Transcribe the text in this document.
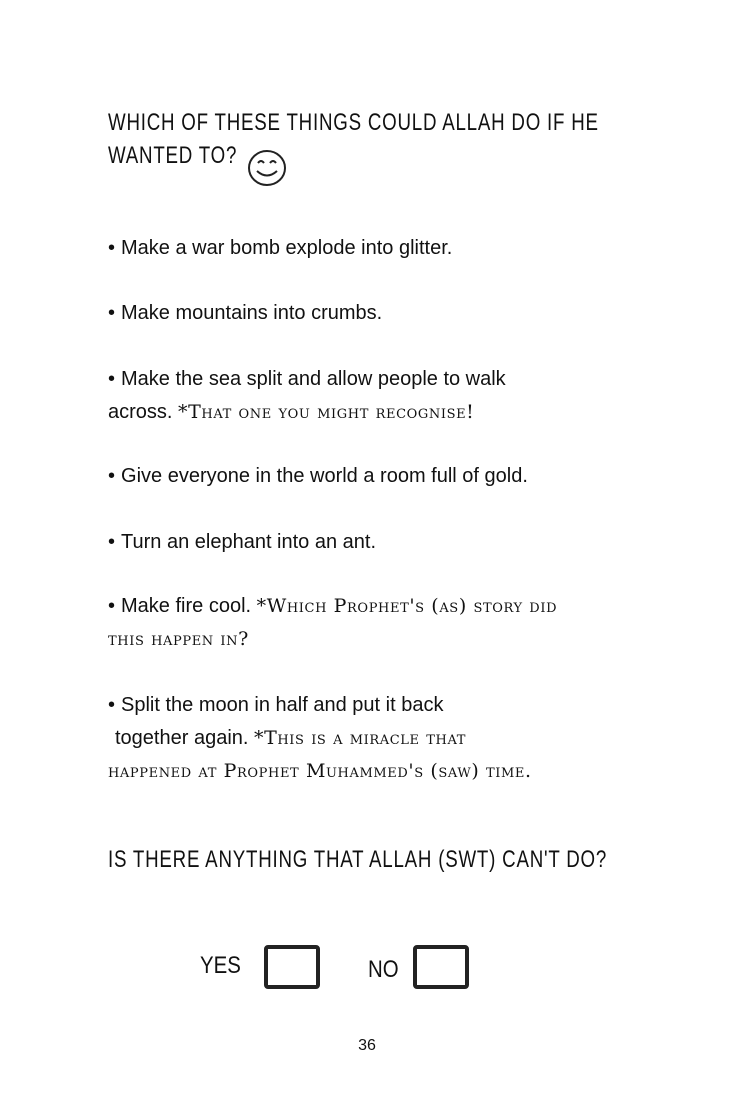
WHICH OF THESE THINGS COULD ALLAH DO IF HE WANTED TO?
• Make a war bomb explode into glitter.
• Make mountains into crumbs.
• Make the sea split and allow people to walk
across. *That one you might recognise!
• Give everyone in the world a room full of gold.
• Turn an elephant into an ant.
• Make fire cool. *Which Prophet's (as) story did
this happen in?
• Split the moon in half and put it back
together again. *This is a miracle that
happened at Prophet Muhammed's (saw) time.
IS THERE ANYTHING THAT ALLAH (SWT) CAN'T DO?
YES	NO
36
